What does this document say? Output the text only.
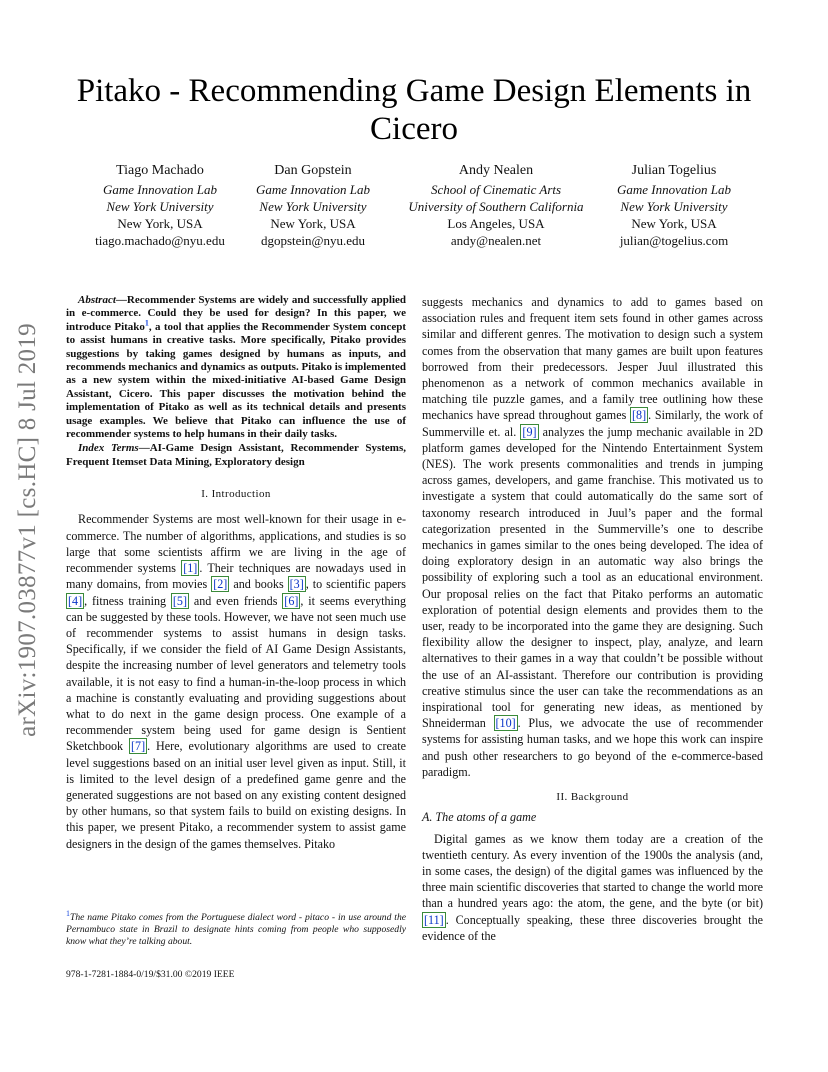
Pitako - Recommending Game Design Elements in Cicero
Tiago Machado
Game Innovation Lab
New York University
New York, USA
tiago.machado@nyu.edu
Dan Gopstein
Game Innovation Lab
New York University
New York, USA
dgopstein@nyu.edu
Andy Nealen
School of Cinematic Arts
University of Southern California
Los Angeles, USA
andy@nealen.net
Julian Togelius
Game Innovation Lab
New York University
New York, USA
julian@togelius.com
arXiv:1907.03877v1 [cs.HC] 8 Jul 2019

Abstract—Recommender Systems are widely and successfully applied in e-commerce. Could they be used for design? In this paper, we introduce Pitako$^1$, a tool that applies the Recommender System concept to assist humans in creative tasks. More specifically, Pitako provides suggestions by taking games designed by humans as inputs, and recommends mechanics and dynamics as outputs. Pitako is implemented as a new system within the mixed-initiative AI-based Game Design Assistant, Cicero. This paper discusses the motivation behind the implementation of Pitako as well as its technical details and presents usage examples. We believe that Pitako can influence the use of recommender systems to help humans in their daily tasks.

Index Terms—AI-Game Design Assistant, Recommender Systems, Frequent Itemset Data Mining, Exploratory design

I. Introduction

Recommender Systems are most well-known for their usage in e-commerce. The number of algorithms, applications, and studies is so large that some scientists affirm we are living in the age of recommender systems [1] . Their techniques are nowadays used in many domains, from movies [2] and books [3] , to scientific papers [4] , fitness training [5] and even friends [6] , it seems everything can be suggested by these tools. However, we have not seen much use of recommender systems to assist humans in design tasks. Specifically, if we consider the field of AI Game Design Assistants, despite the increasing number of level generators and telemetry tools available, it is not easy to find a human-in-the-loop process in which a machine is constantly evaluating and providing suggestions about what to do next in the game design process. One example of a recommender system being used for game design is Sentient Sketchbook [7] . Here, evolutionary algorithms are used to create level suggestions based on an initial user level given as input. Still, it is limited to the level design of a predefined game genre and the generated suggestions are not based on any existing content designed by other humans, so that system fails to build on existing designs. In this paper, we present Pitako, a recommender system to assist game designers in the design of the games themselves. Pitako

suggests mechanics and dynamics to add to games based on association rules and frequent item sets found in other games across similar and different genres. The motivation to design such a system comes from the observation that many games are built upon features borrowed from their predecessors. Jesper Juul illustrated this phenomenon as a network of common mechanics available in matching tile puzzle games, and a family tree outlining how these mechanics have spread throughout games [8] . Similarly, the work of Summerville et. al. [9] analyzes the jump mechanic available in 2D platform games developed for the Nintendo Entertainment System (NES). The work presents commonalities and trends in jumping across games, developers, and game franchise. This motivated us to investigate a system that could automatically do the same sort of taxonomy research introduced in Juul’s paper and the formal categorization presented in the Summerville’s one to describe mechanics in games similar to the ones being developed. The idea of doing exploratory design in an automatic way also brings the possibility of exploring such a tool as an educational environment. Our proposal relies on the fact that Pitako performs an automatic exploration of potential design elements and provides them to the user, ready to be incorporated into the game they are designing. Such flexibility allow the designer to inspect, play, analyze, and learn alternatives to their games in a way that couldn’t be possible without the use of an AI-assistant. Therefore our contribution is providing creative stimulus since the user can take the recommendations as an inspirational tool for generating new ideas, as mentioned by Shneiderman [10] . Plus, we advocate the use of recommender systems for assisting human tasks, and we hope this work can inspire and push other researchers to go beyond of the e-commerce-based paradigm.

II. Background

A. The atoms of a game

Digital games as we know them today are a creation of the twentieth century. As every invention of the 1900s the analysis (and, in some cases, the design) of the digital games was influenced by the three main scientific discoveries that started to change the world more than a hundred years ago: the atom, the gene, and the byte (or bit) [11] . Conceptually speaking, these three discoveries brought the evidence of the

$^1$The name Pitako comes from the Portuguese dialect word - pitaco - in use around the Pernambuco state in Brazil to designate hints coming from people who supposedly know what they’re talking about.
978-1-7281-1884-0/19/$31.00 ©2019 IEEE
